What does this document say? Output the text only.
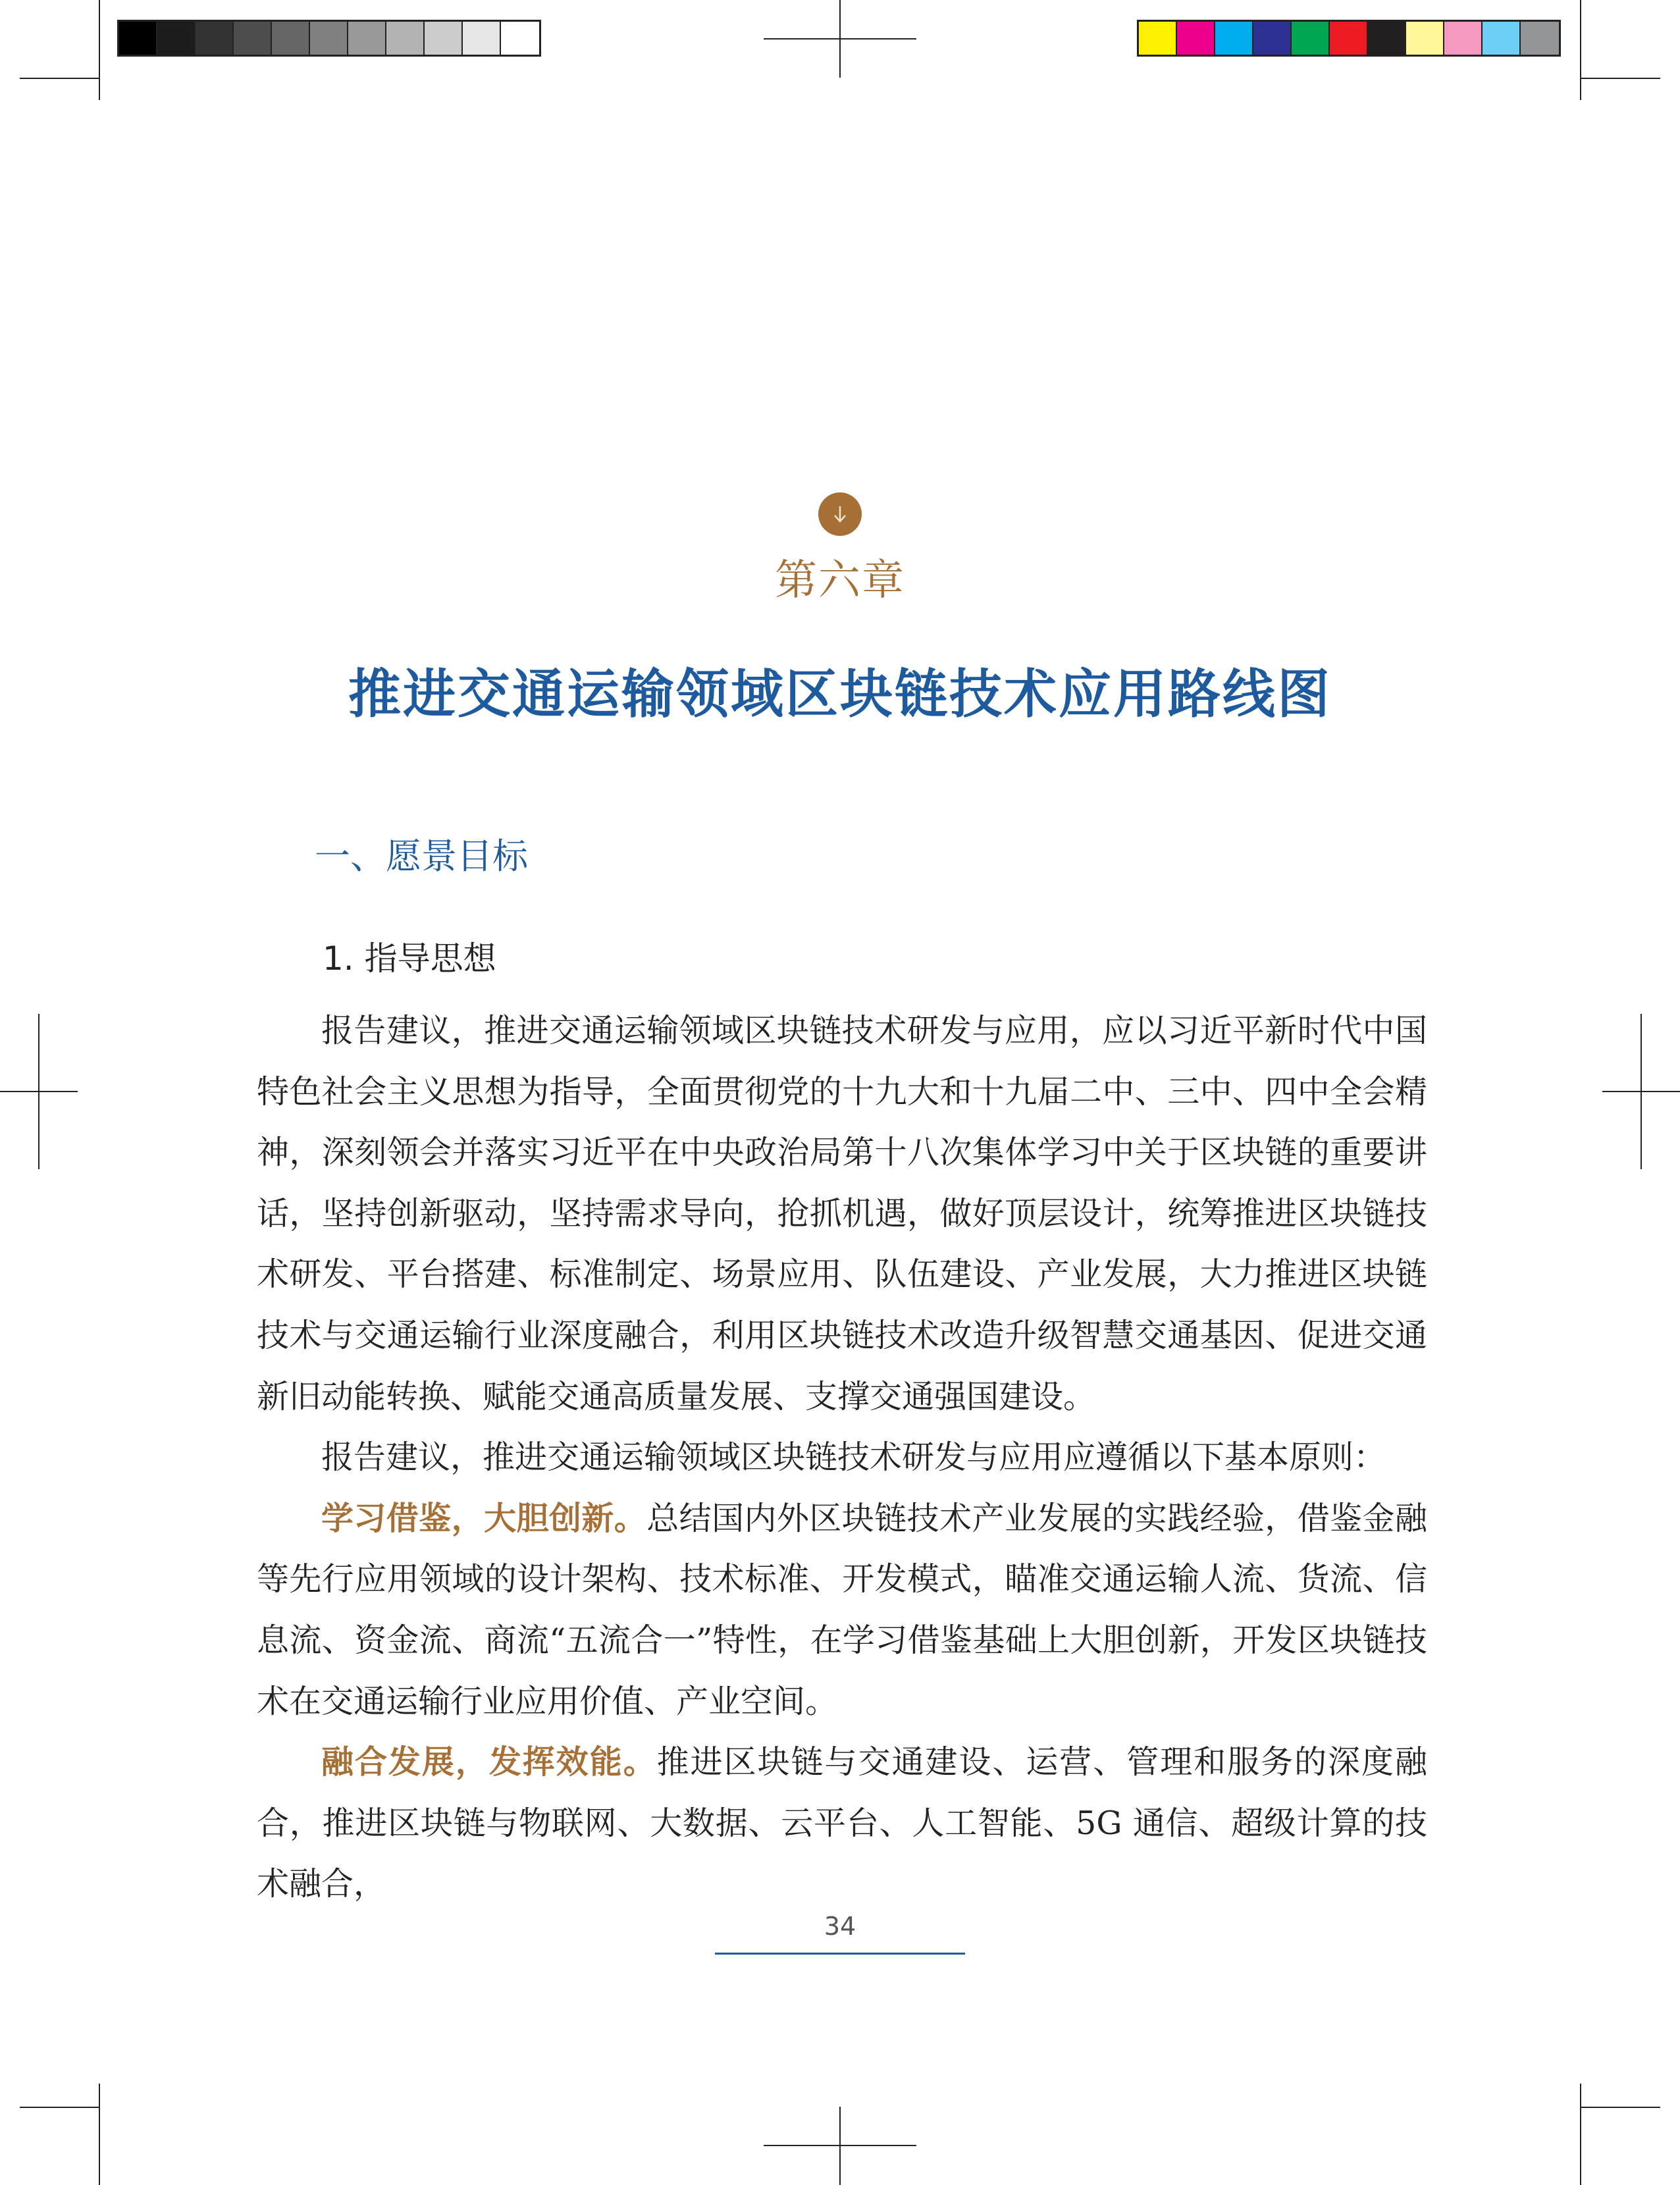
第六章
推进交通运输领域区块链技术应用路线图
一、愿景目标
1. 指导思想

报告建议，推进交通运输领域区块链技术研发与应用，应以习近平新时代中国特色社会主义思想为指导，全面贯彻党的十九大和十九届二中、三中、四中全会精神，深刻领会并落实习近平在中央政治局第十八次集体学习中关于区块链的重要讲话，坚持创新驱动，坚持需求导向，抢抓机遇，做好顶层设计，统筹推进区块链技术研发、平台搭建、标准制定、场景应用、队伍建设、产业发展，大力推进区块链技术与交通运输行业深度融合，利用区块链技术改造升级智慧交通基因、促进交通新旧动能转换、赋能交通高质量发展、支撑交通强国建设。

报告建议，推进交通运输领域区块链技术研发与应用应遵循以下基本原则：

学习借鉴，大胆创新。总结国内外区块链技术产业发展的实践经验，借鉴金融等先行应用领域的设计架构、技术标准、开发模式，瞄准交通运输人流、货流、信息流、资金流、商流“五流合一”特性，在学习借鉴基础上大胆创新，开发区块链技术在交通运输行业应用价值、产业空间。

融合发展，发挥效能。推进区块链与交通建设、运营、管理和服务的深度融合，推进区块链与物联网、大数据、云平台、人工智能、5G 通信、超级计算的技术融合，

34
